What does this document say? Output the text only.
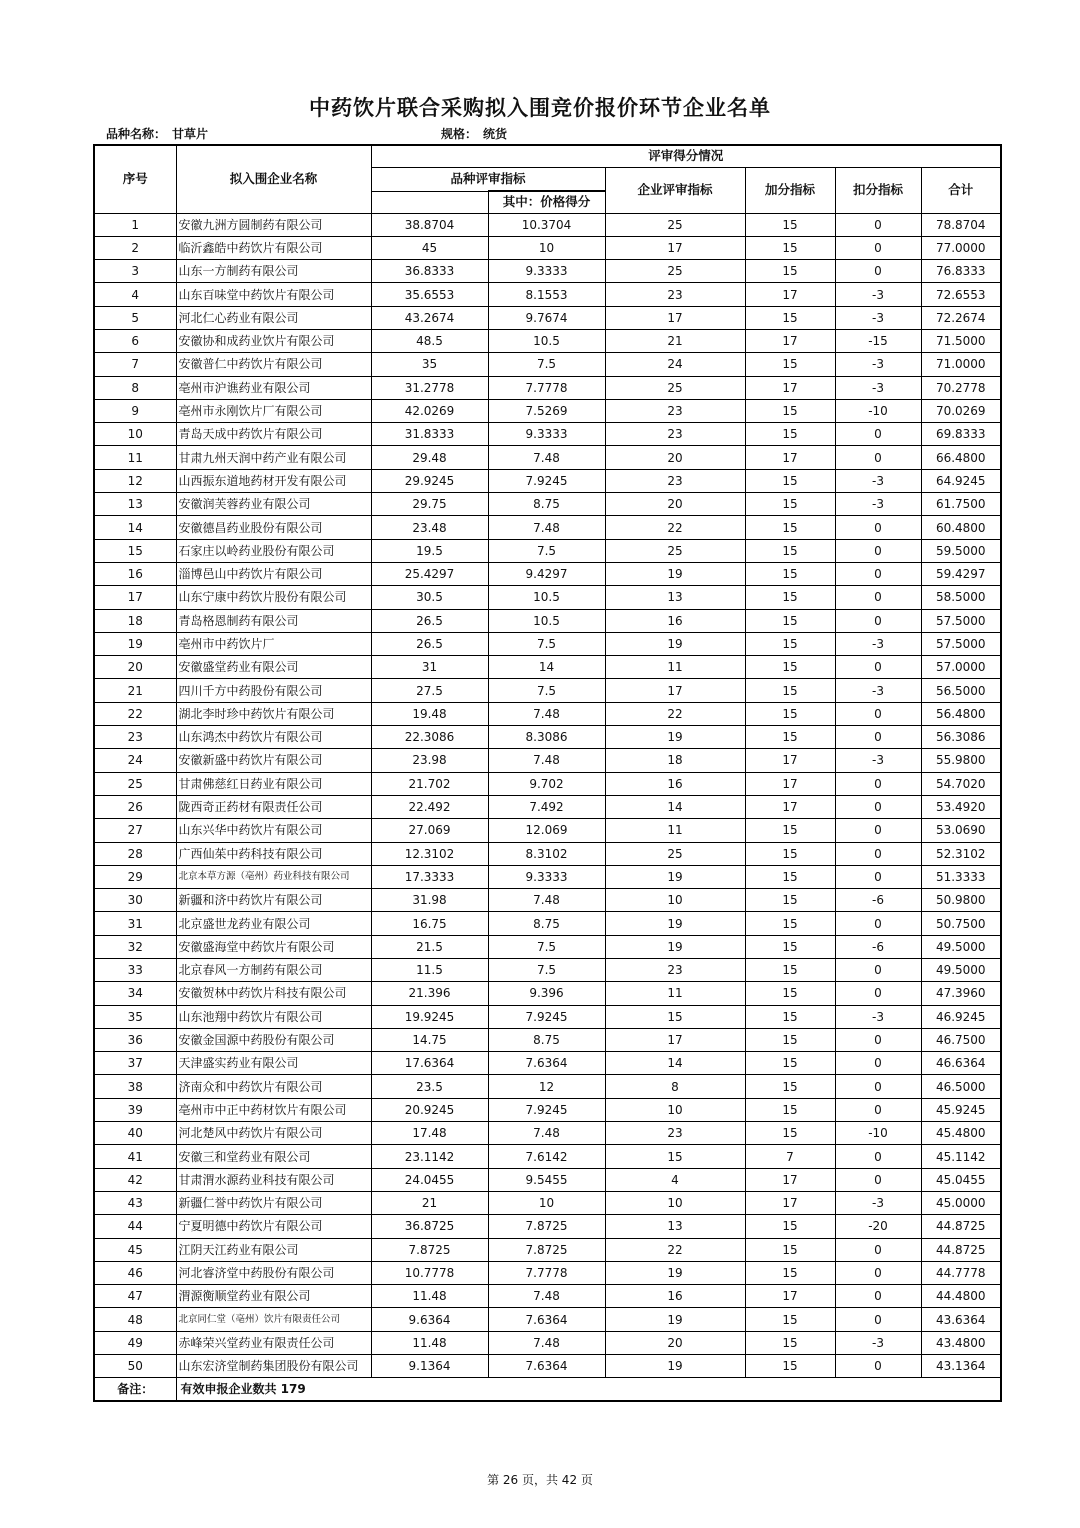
中药饮片联合采购拟入围竞价报价环节企业名单
品种名称： 甘草片	规格： 统货
序号	拟入围企业名称	评审得分情况					
		品种评审指标		企业评审指标	加分指标	扣分指标	合计
			其中：价格得分				
1	安徽九洲方圆制药有限公司	38.8704	10.3704	25	15	0	78.8704
2	临沂鑫皓中药饮片有限公司	45	10	17	15	0	77.0000
3	山东一方制药有限公司	36.8333	9.3333	25	15	0	76.8333
4	山东百味堂中药饮片有限公司	35.6553	8.1553	23	17	-3	72.6553
5	河北仁心药业有限公司	43.2674	9.7674	17	15	-3	72.2674
6	安徽协和成药业饮片有限公司	48.5	10.5	21	17	-15	71.5000
7	安徽普仁中药饮片有限公司	35	7.5	24	15	-3	71.0000
8	亳州市沪谯药业有限公司	31.2778	7.7778	25	17	-3	70.2778
9	亳州市永刚饮片厂有限公司	42.0269	7.5269	23	15	-10	70.0269
10	青岛天成中药饮片有限公司	31.8333	9.3333	23	15	0	69.8333
11	甘肃九州天润中药产业有限公司	29.48	7.48	20	17	0	66.4800
12	山西振东道地药材开发有限公司	29.9245	7.9245	23	15	-3	64.9245
13	安徽润芙蓉药业有限公司	29.75	8.75	20	15	-3	61.7500
14	安徽德昌药业股份有限公司	23.48	7.48	22	15	0	60.4800
15	石家庄以岭药业股份有限公司	19.5	7.5	25	15	0	59.5000
16	淄博邑山中药饮片有限公司	25.4297	9.4297	19	15	0	59.4297
17	山东宁康中药饮片股份有限公司	30.5	10.5	13	15	0	58.5000
18	青岛格恩制药有限公司	26.5	10.5	16	15	0	57.5000
19	亳州市中药饮片厂	26.5	7.5	19	15	-3	57.5000
20	安徽盛堂药业有限公司	31	14	11	15	0	57.0000
21	四川千方中药股份有限公司	27.5	7.5	17	15	-3	56.5000
22	湖北李时珍中药饮片有限公司	19.48	7.48	22	15	0	56.4800
23	山东鸿杰中药饮片有限公司	22.3086	8.3086	19	15	0	56.3086
24	安徽新盛中药饮片有限公司	23.98	7.48	18	17	-3	55.9800
25	甘肃佛慈红日药业有限公司	21.702	9.702	16	17	0	54.7020
26	陇西奇正药材有限责任公司	22.492	7.492	14	17	0	53.4920
27	山东兴华中药饮片有限公司	27.069	12.069	11	15	0	53.0690
28	广西仙茱中药科技有限公司	12.3102	8.3102	25	15	0	52.3102
29	北京本草方源（亳州）药业科技有限公司	17.3333	9.3333	19	15	0	51.3333
30	新疆和济中药饮片有限公司	31.98	7.48	10	15	-6	50.9800
31	北京盛世龙药业有限公司	16.75	8.75	19	15	0	50.7500
32	安徽盛海堂中药饮片有限公司	21.5	7.5	19	15	-6	49.5000
33	北京春风一方制药有限公司	11.5	7.5	23	15	0	49.5000
34	安徽贺林中药饮片科技有限公司	21.396	9.396	11	15	0	47.3960
35	山东池翔中药饮片有限公司	19.9245	7.9245	15	15	-3	46.9245
36	安徽金国源中药股份有限公司	14.75	8.75	17	15	0	46.7500
37	天津盛实药业有限公司	17.6364	7.6364	14	15	0	46.6364
38	济南众和中药饮片有限公司	23.5	12	8	15	0	46.5000
39	亳州市中正中药材饮片有限公司	20.9245	7.9245	10	15	0	45.9245
40	河北楚风中药饮片有限公司	17.48	7.48	23	15	-10	45.4800
41	安徽三和堂药业有限公司	23.1142	7.6142	15	7	0	45.1142
42	甘肃渭水源药业科技有限公司	24.0455	9.5455	4	17	0	45.0455
43	新疆仁誉中药饮片有限公司	21	10	10	17	-3	45.0000
44	宁夏明德中药饮片有限公司	36.8725	7.8725	13	15	-20	44.8725
45	江阴天江药业有限公司	7.8725	7.8725	22	15	0	44.8725
46	河北睿济堂中药股份有限公司	10.7778	7.7778	19	15	0	44.7778
47	渭源衡顺堂药业有限公司	11.48	7.48	16	17	0	44.4800
48	北京同仁堂（亳州）饮片有限责任公司	9.6364	7.6364	19	15	0	43.6364
49	赤峰荣兴堂药业有限责任公司	11.48	7.48	20	15	-3	43.4800
50	山东宏济堂制药集团股份有限公司	9.1364	7.6364	19	15	0	43.1364
备注：	有效申报企业数共 179						
第 26 页，共 42 页
